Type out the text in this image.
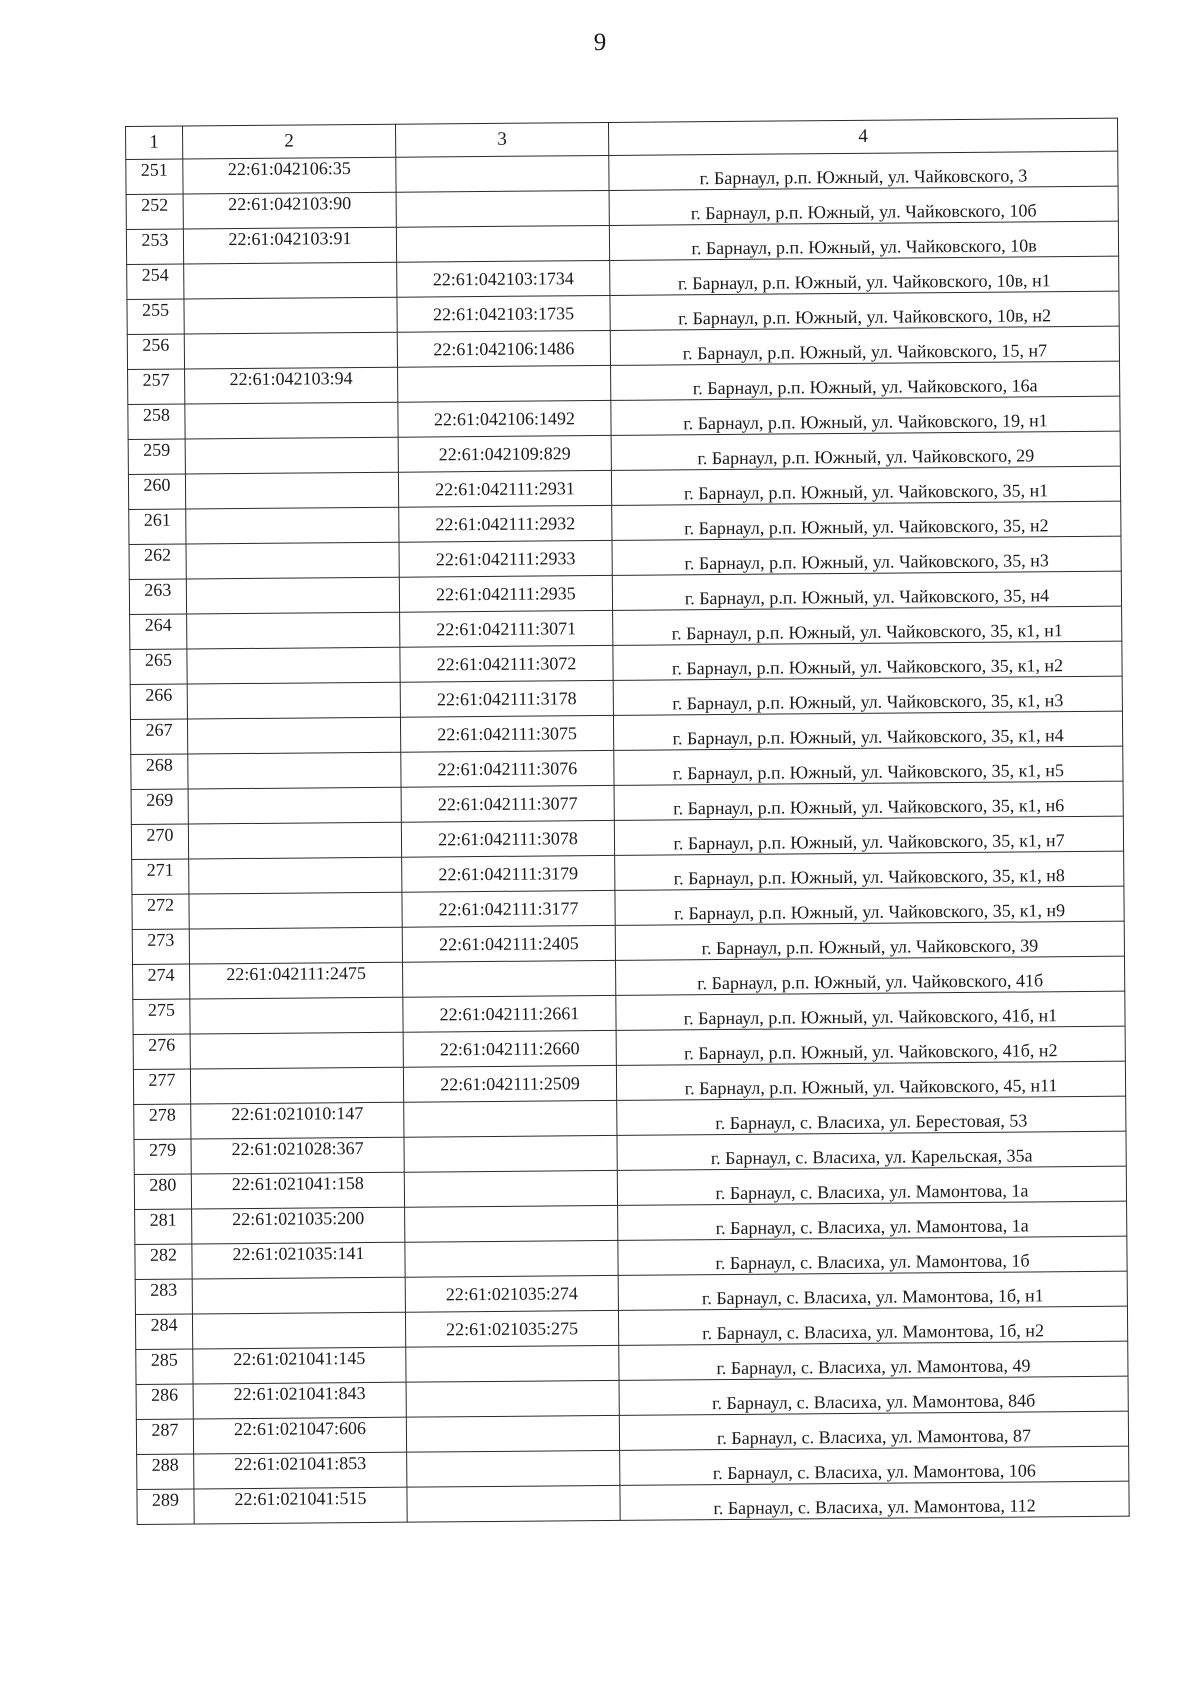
9
1	2	3	4
251	22:61:042106:35		г. Барнаул, р.п. Южный, ул. Чайковского, 3
252	22:61:042103:90		г. Барнаул, р.п. Южный, ул. Чайковского, 10б
253	22:61:042103:91		г. Барнаул, р.п. Южный, ул. Чайковского, 10в
254		22:61:042103:1734	г. Барнаул, р.п. Южный, ул. Чайковского, 10в, н1
255		22:61:042103:1735	г. Барнаул, р.п. Южный, ул. Чайковского, 10в, н2
256		22:61:042106:1486	г. Барнаул, р.п. Южный, ул. Чайковского, 15, н7
257	22:61:042103:94		г. Барнаул, р.п. Южный, ул. Чайковского, 16а
258		22:61:042106:1492	г. Барнаул, р.п. Южный, ул. Чайковского, 19, н1
259		22:61:042109:829	г. Барнаул, р.п. Южный, ул. Чайковского, 29
260		22:61:042111:2931	г. Барнаул, р.п. Южный, ул. Чайковского, 35, н1
261		22:61:042111:2932	г. Барнаул, р.п. Южный, ул. Чайковского, 35, н2
262		22:61:042111:2933	г. Барнаул, р.п. Южный, ул. Чайковского, 35, н3
263		22:61:042111:2935	г. Барнаул, р.п. Южный, ул. Чайковского, 35, н4
264		22:61:042111:3071	г. Барнаул, р.п. Южный, ул. Чайковского, 35, к1, н1
265		22:61:042111:3072	г. Барнаул, р.п. Южный, ул. Чайковского, 35, к1, н2
266		22:61:042111:3178	г. Барнаул, р.п. Южный, ул. Чайковского, 35, к1, н3
267		22:61:042111:3075	г. Барнаул, р.п. Южный, ул. Чайковского, 35, к1, н4
268		22:61:042111:3076	г. Барнаул, р.п. Южный, ул. Чайковского, 35, к1, н5
269		22:61:042111:3077	г. Барнаул, р.п. Южный, ул. Чайковского, 35, к1, н6
270		22:61:042111:3078	г. Барнаул, р.п. Южный, ул. Чайковского, 35, к1, н7
271		22:61:042111:3179	г. Барнаул, р.п. Южный, ул. Чайковского, 35, к1, н8
272		22:61:042111:3177	г. Барнаул, р.п. Южный, ул. Чайковского, 35, к1, н9
273		22:61:042111:2405	г. Барнаул, р.п. Южный, ул. Чайковского, 39
274	22:61:042111:2475		г. Барнаул, р.п. Южный, ул. Чайковского, 41б
275		22:61:042111:2661	г. Барнаул, р.п. Южный, ул. Чайковского, 41б, н1
276		22:61:042111:2660	г. Барнаул, р.п. Южный, ул. Чайковского, 41б, н2
277		22:61:042111:2509	г. Барнаул, р.п. Южный, ул. Чайковского, 45, н11
278	22:61:021010:147		г. Барнаул, с. Власиха, ул. Берестовая, 53
279	22:61:021028:367		г. Барнаул, с. Власиха, ул. Карельская, 35а
280	22:61:021041:158		г. Барнаул, с. Власиха, ул. Мамонтова, 1а
281	22:61:021035:200		г. Барнаул, с. Власиха, ул. Мамонтова, 1а
282	22:61:021035:141		г. Барнаул, с. Власиха, ул. Мамонтова, 1б
283		22:61:021035:274	г. Барнаул, с. Власиха, ул. Мамонтова, 1б, н1
284		22:61:021035:275	г. Барнаул, с. Власиха, ул. Мамонтова, 1б, н2
285	22:61:021041:145		г. Барнаул, с. Власиха, ул. Мамонтова, 49
286	22:61:021041:843		г. Барнаул, с. Власиха, ул. Мамонтова, 84б
287	22:61:021047:606		г. Барнаул, с. Власиха, ул. Мамонтова, 87
288	22:61:021041:853		г. Барнаул, с. Власиха, ул. Мамонтова, 106
289	22:61:021041:515		г. Барнаул, с. Власиха, ул. Мамонтова, 112
